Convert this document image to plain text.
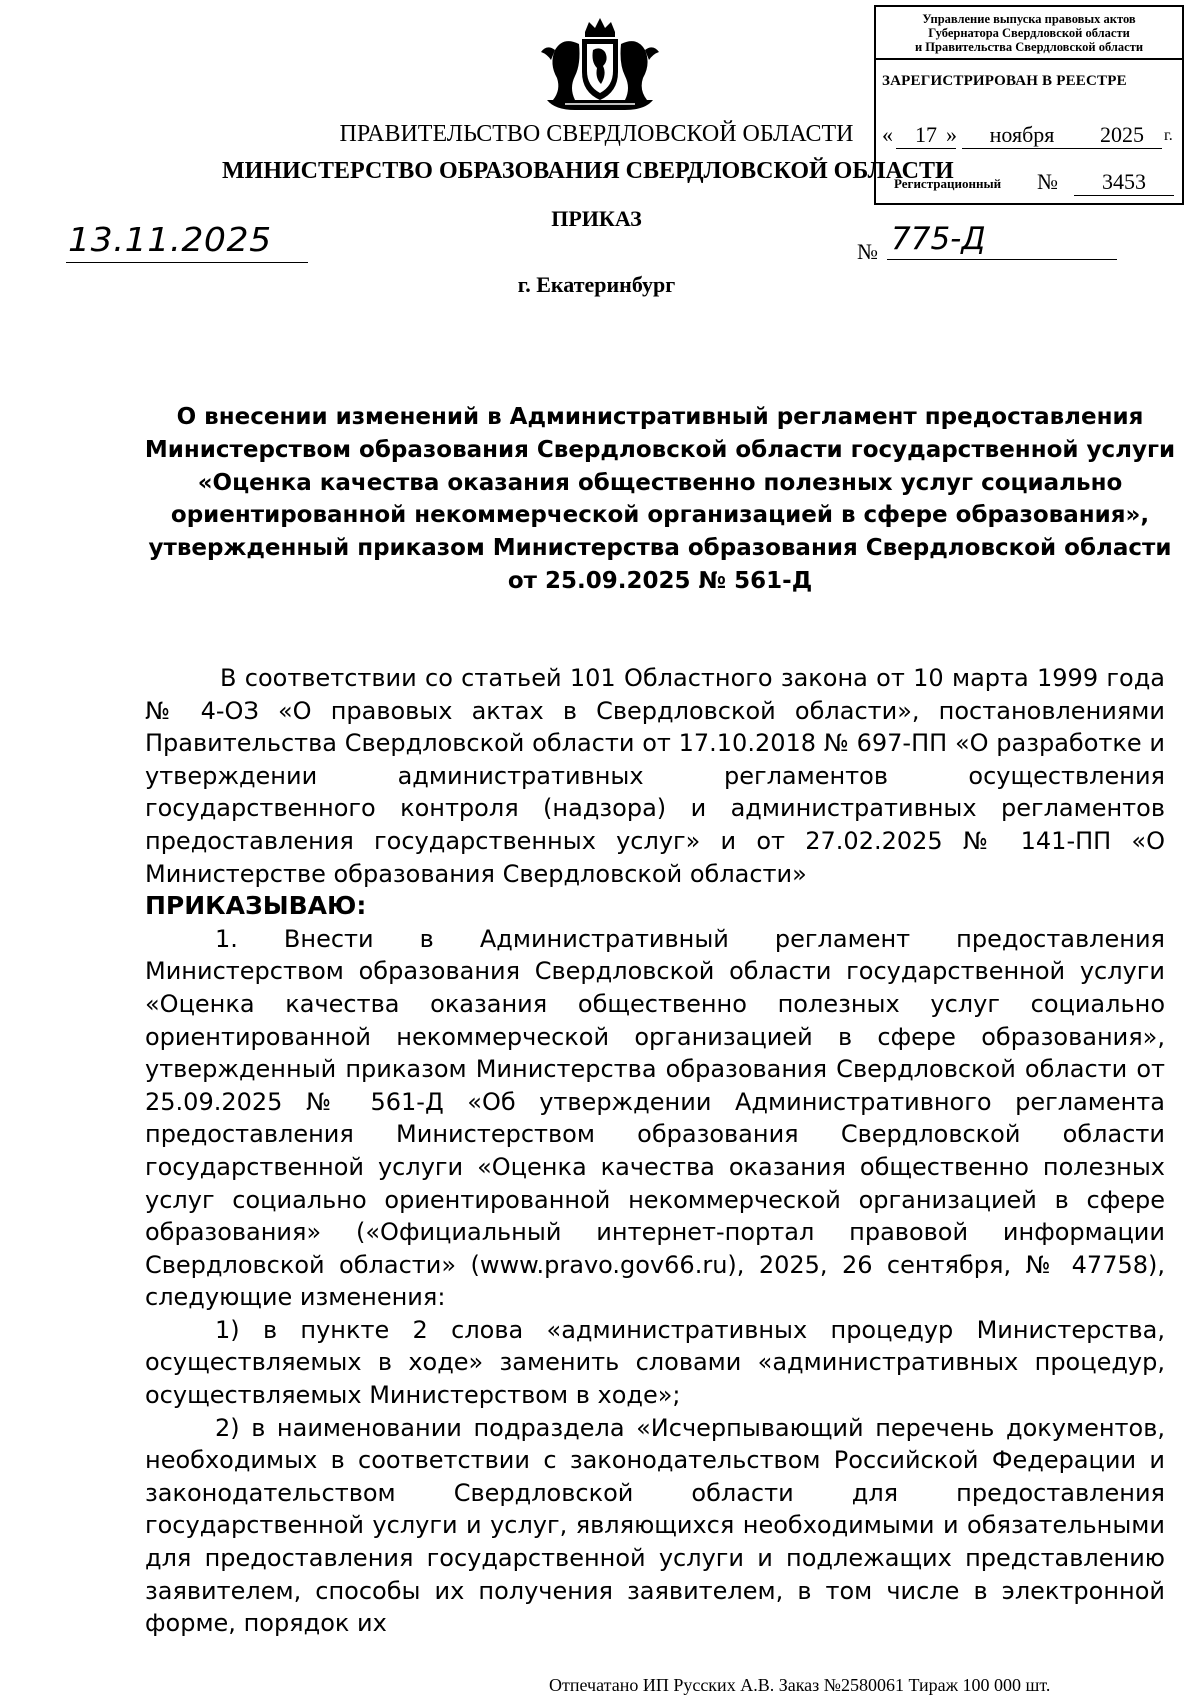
Управление выпуска правовых актов
Губернатора Свердловской области
и Правительства Свердловской области
ЗАРЕГИСТРИРОВАН В РЕЕСТРЕ
«	17 »	ноября	2025	г.
Регистрационный №	3453
ПРАВИТЕЛЬСТВО СВЕРДЛОВСКОЙ ОБЛАСТИ
МИНИСТЕРСТВО ОБРАЗОВАНИЯ СВЕРДЛОВСКОЙ ОБЛАСТИ
ПРИКАЗ
13.11.2025	№ 775-Д
г. Екатеринбург
О внесении изменений в Административный регламент предоставления
Министерством образования Свердловской области государственной услуги
«Оценка качества оказания общественно полезных услуг социально
ориентированной некоммерческой организацией в сфере образования»,
утвержденный приказом Министерства образования Свердловской области
от 25.09.2025 № 561-Д
В соответствии со статьей 101 Областного закона от 10 марта 1999 года № 4-ОЗ «О правовых актах в Свердловской области», постановлениями Правительства Свердловской области от 17.10.2018 № 697-ПП «О разработке и утверждении административных регламентов осуществления государственного контроля (надзора) и административных регламентов предоставления государственных услуг» и от 27.02.2025 № 141-ПП «О Министерстве образования Свердловской области»
ПРИКАЗЫВАЮ:
1. Внести в Административный регламент предоставления Министерством образования Свердловской области государственной услуги «Оценка качества оказания общественно полезных услуг социально ориентированной некоммерческой организацией в сфере образования», утвержденный приказом Министерства образования Свердловской области от 25.09.2025 № 561-Д «Об утверждении Административного регламента предоставления Министерством образования Свердловской области государственной услуги «Оценка качества оказания общественно полезных услуг социально ориентированной некоммерческой организацией в сфере образования» («Официальный интернет-портал правовой информации Свердловской области» (www.pravo.gov66.ru), 2025, 26 сентября, № 47758), следующие изменения:
1) в пункте 2 слова «административных процедур Министерства, осуществляемых в ходе» заменить словами «административных процедур, осуществляемых Министерством в ходе»;
2) в наименовании подраздела «Исчерпывающий перечень документов, необходимых в соответствии с законодательством Российской Федерации и законодательством Свердловской области для предоставления государственной услуги и услуг, являющихся необходимыми и обязательными для предоставления государственной услуги и подлежащих представлению заявителем, способы их получения заявителем, в том числе в электронной форме, порядок их
Отпечатано ИП Русских А.В. Заказ №2580061 Тираж 100 000 шт.
